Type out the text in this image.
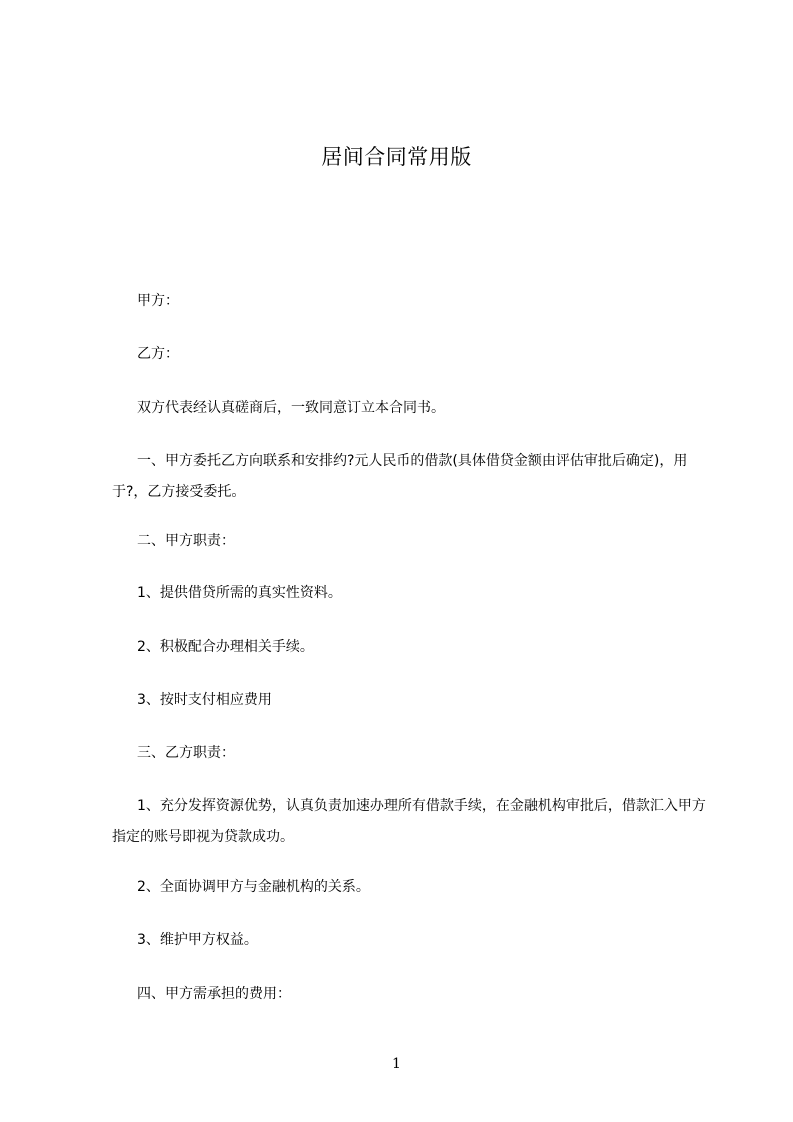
居间合同常用版
甲方：
乙方：
双方代表经认真磋商后，一致同意订立本合同书。
一、甲方委托乙方向联系和安排约?元人民币的借款(具体借贷金额由评估审批后确定)，用于?，乙方接受委托。
二、甲方职责：
1、提供借贷所需的真实性资料。
2、积极配合办理相关手续。
3、按时支付相应费用
三、乙方职责：
1、充分发挥资源优势，认真负责加速办理所有借款手续，在金融机构审批后，借款汇入甲方指定的账号即视为贷款成功。
2、全面协调甲方与金融机构的关系。
3、维护甲方权益。
四、甲方需承担的费用：
1
